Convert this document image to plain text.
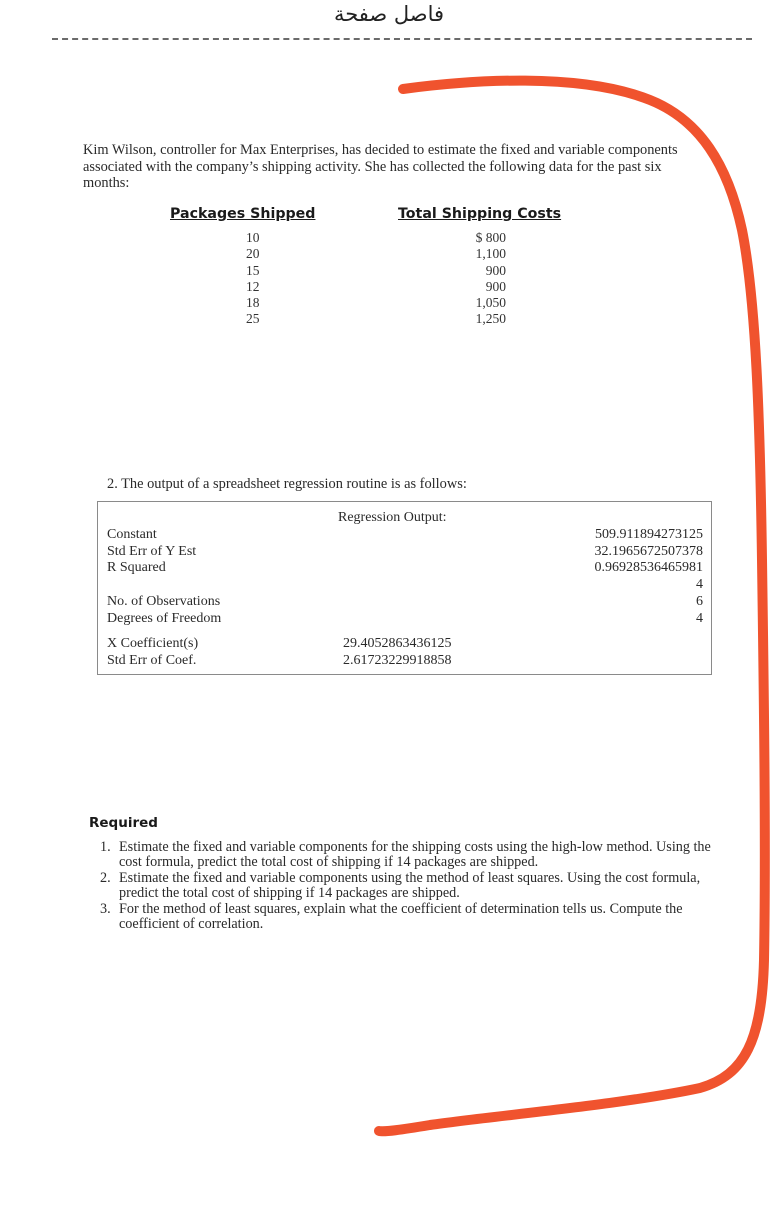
فاصل صفحة

Kim Wilson, controller for Max Enterprises, has decided to estimate the fixed and variable components associated with the company’s shipping activity. She has collected the following data for the past six months:

Packages Shipped	Total Shipping Costs
10
20
15
12
18
25
$ 800
1,100
900
900
1,050
1,250
2. The output of a spreadsheet regression routine is as follows:
Regression Output:
Constant
Std Err of Y Est
R Squared
No. of Observations
Degrees of Freedom
X Coefficient(s)
Std Err of Coef.
509.911894273125
32.1965672507378
0.96928536465981
4
6
4
29.4052863436125
2.61723229918858
Required
1. Estimate the fixed and variable components for the shipping costs using the high-low method. Using the cost formula, predict the total cost of shipping if 14 packages are shipped.
2. Estimate the fixed and variable components using the method of least squares. Using the cost formula, predict the total cost of shipping if 14 packages are shipped.
3. For the method of least squares, explain what the coefficient of determination tells us. Compute the coefficient of correlation.
